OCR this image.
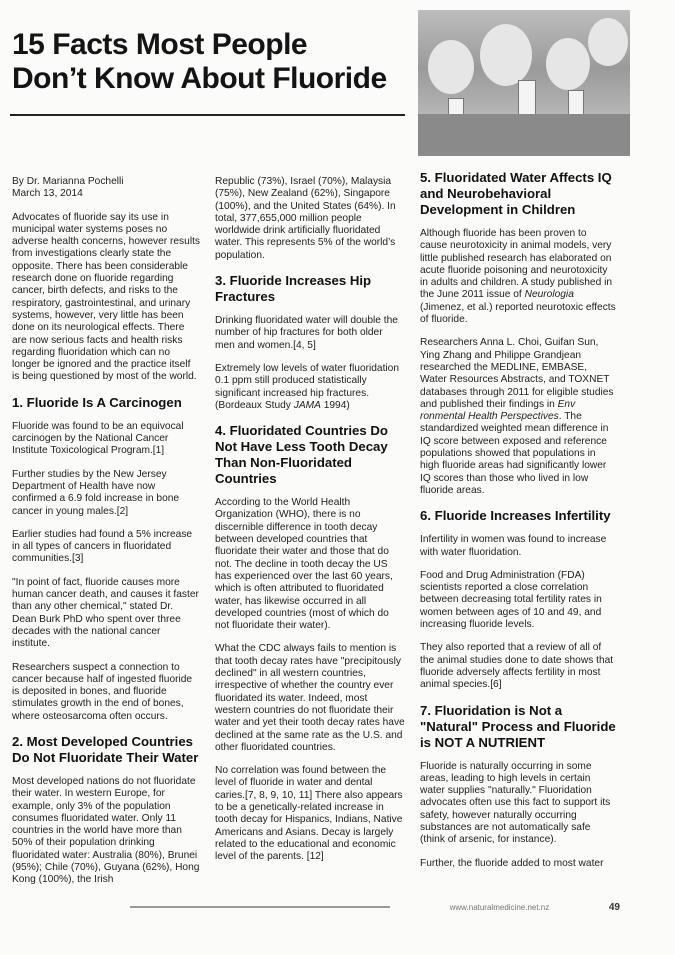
15 Facts Most People
Don’t Know About Fluoride
By Dr. Marianna Pochelli
March 13, 2014

Advocates of fluoride say its use in municipal water systems poses no adverse health concerns, however results from investigations clearly state the opposite. There has been considerable research done on fluoride regarding cancer, birth defects, and risks to the respiratory, gastrointestinal, and urinary systems, however, very little has been done on its neurological effects. There are now serious facts and health risks regarding fluoridation which can no longer be ignored and the practice itself is being questioned by most of the world.

1. Fluoride Is A Carcinogen

Fluoride was found to be an equivocal carcinogen by the National Cancer Institute Toxicological Program.[1]

Further studies by the New Jersey Department of Health have now confirmed a 6.9 fold increase in bone cancer in young males.[2]

Earlier studies had found a 5% increase in all types of cancers in fluoridated communities.[3]

"In point of fact, fluoride causes more human cancer death, and causes it faster than any other chemical," stated Dr. Dean Burk PhD who spent over three decades with the national cancer institute.

Researchers suspect a connection to cancer because half of ingested fluoride is deposited in bones, and fluoride stimulates growth in the end of bones, where osteosarcoma often occurs.

2. Most Developed Countries Do Not Fluoridate Their Water

Most developed nations do not fluoridate their water. In western Europe, for example, only 3% of the population consumes fluoridated water. Only 11 countries in the world have more than 50% of their population drinking fluoridated water: Australia (80%), Brunei (95%); Chile (70%), Guyana (62%), Hong Kong (100%), the Irish

Republic (73%), Israel (70%), Malaysia (75%), New Zealand (62%), Singapore (100%), and the United States (64%). In total, 377,655,000 million people worldwide drink artificially fluoridated water. This represents 5% of the world’s population.

3. Fluoride Increases Hip Fractures

Drinking fluoridated water will double the number of hip fractures for both older men and women.[4, 5]

Extremely low levels of water fluoridation 0.1 ppm still produced statistically significant increased hip fractures. (Bordeaux Study JAMA 1994)

4. Fluoridated Countries Do Not Have Less Tooth Decay Than Non-Fluoridated Countries

According to the World Health Organization (WHO), there is no discernible difference in tooth decay between developed countries that fluoridate their water and those that do not. The decline in tooth decay the US has experienced over the last 60 years, which is often attributed to fluoridated water, has likewise occurred in all developed countries (most of which do not fluoridate their water).

What the CDC always fails to mention is that tooth decay rates have "precipitously declined" in all western countries, irrespective of whether the country ever fluoridated its water. Indeed, most western countries do not fluoridate their water and yet their tooth decay rates have declined at the same rate as the U.S. and other fluoridated countries.

No correlation was found between the level of fluoride in water and dental caries.[7, 8, 9, 10, 11] There also appears to be a genetically-related increase in tooth decay for Hispanics, Indians, Native Americans and Asians. Decay is largely related to the educational and economic level of the parents. [12]

5. Fluoridated Water Affects IQ and Neurobehavioral Development in Children

Although fluoride has been proven to cause neurotoxicity in animal models, very little published research has elaborated on acute fluoride poisoning and neurotoxicity in adults and children. A study published in the June 2011 issue of Neurologia (Jimenez, et al.) reported neurotoxic effects of fluoride.

Researchers Anna L. Choi, Guifan Sun, Ying Zhang and Philippe Grandjean researched the MEDLINE, EMBASE, Water Resources Abstracts, and TOXNET databases through 2011 for eligible studies and published their findings in Env ronmental Health Perspectives. The standardized weighted mean difference in IQ score between exposed and reference populations showed that populations in high fluoride areas had significantly lower IQ scores than those who lived in low fluoride areas.

6. Fluoride Increases Infertility

Infertility in women was found to increase with water fluoridation.

Food and Drug Administration (FDA) scientists reported a close correlation between decreasing total fertility rates in women between ages of 10 and 49, and increasing fluoride levels.

They also reported that a review of all of the animal studies done to date shows that fluoride adversely affects fertility in most animal species.[6]

7. Fluoridation is Not a "Natural" Process and Fluoride is NOT A NUTRIENT

Fluoride is naturally occurring in some areas, leading to high levels in certain water supplies "naturally." Fluoridation advocates often use this fact to support its safety, however naturally occurring substances are not automatically safe (think of arsenic, for instance).

Further, the fluoride added to most water

www.naturalmedicine.net.nz	49
